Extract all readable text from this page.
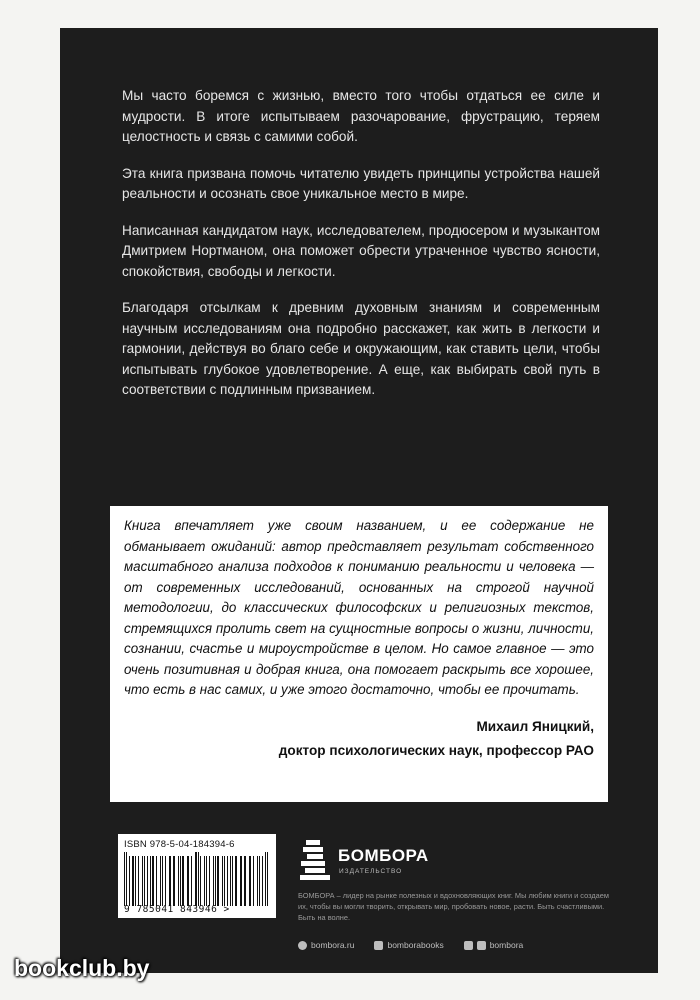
Мы часто боремся с жизнью, вместо того чтобы отдаться ее силе и мудрости. В итоге испытываем разочарование, фрустрацию, теряем целостность и связь с самими собой.

Эта книга призвана помочь читателю увидеть принципы устройства нашей реальности и осознать свое уникальное место в мире.

Написанная кандидатом наук, исследователем, продюсером и музыкантом Дмитрием Нортманом, она поможет обрести утраченное чувство ясности, спокойствия, свободы и легкости.

Благодаря отсылкам к древним духовным знаниям и современным научным исследованиям она подробно расскажет, как жить в легкости и гармонии, действуя во благо себе и окружающим, как ставить цели, чтобы испытывать глубокое удовлетворение. А еще, как выбирать свой путь в соответствии с подлинным призванием.

Книга впечатляет уже своим названием, и ее содержание не обманывает ожиданий: автор представляет результат собственного масштабного анализа подходов к пониманию реальности и человека — от современных исследований, основанных на строгой научной методологии, до классических философских и религиозных текстов, стремящихся пролить свет на сущностные вопросы о жизни, личности, сознании, счастье и мироустройстве в целом. Но самое главное — это очень позитивная и добрая книга, она помогает раскрыть все хорошее, что есть в нас самих, и уже этого достаточно, чтобы ее прочитать.

Михаил Яницкий,
доктор психологических наук, профессор РАО
ISBN 978-5-04-184394-6
9 785041 843946 >
БОМБОРА
ИЗДАТЕЛЬСТВО
БОМБОРА – лидер на рынке полезных и вдохновляющих книг. Мы любим книги и создаем их, чтобы вы могли творить, открывать мир, пробовать новое, расти. Быть счастливыми. Быть на волне.
bombora.ru	bomborabooks	bombora
bookclub.by
